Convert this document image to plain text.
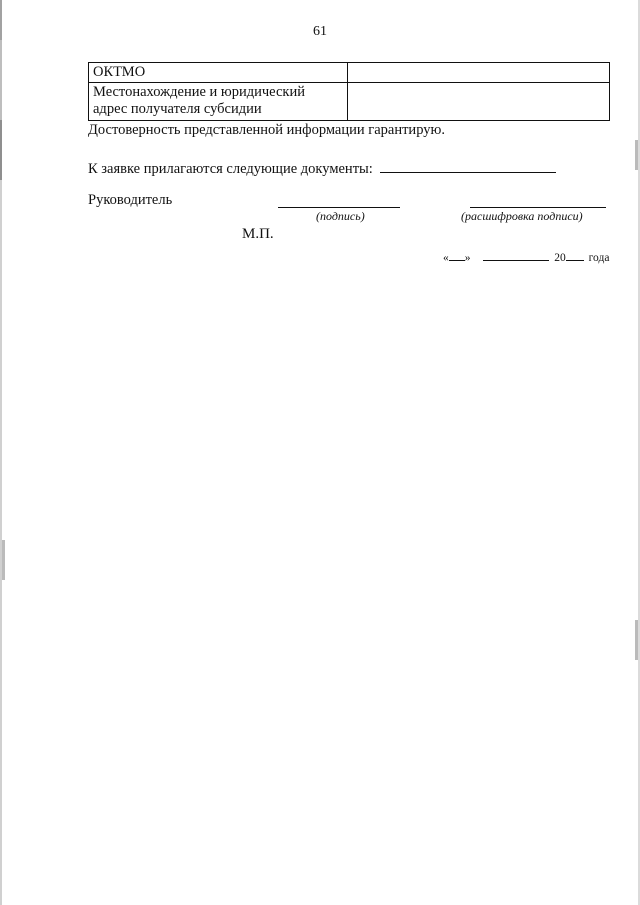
61
ОКТМО	

Местонахождение и юридический
адрес получателя субсидии	

Достоверность представленной информации гарантирую.
К заявке прилагаются следующие документы:
Руководитель
(подпись)	(расшифровка подписи)
М.П.
« »	20 года
